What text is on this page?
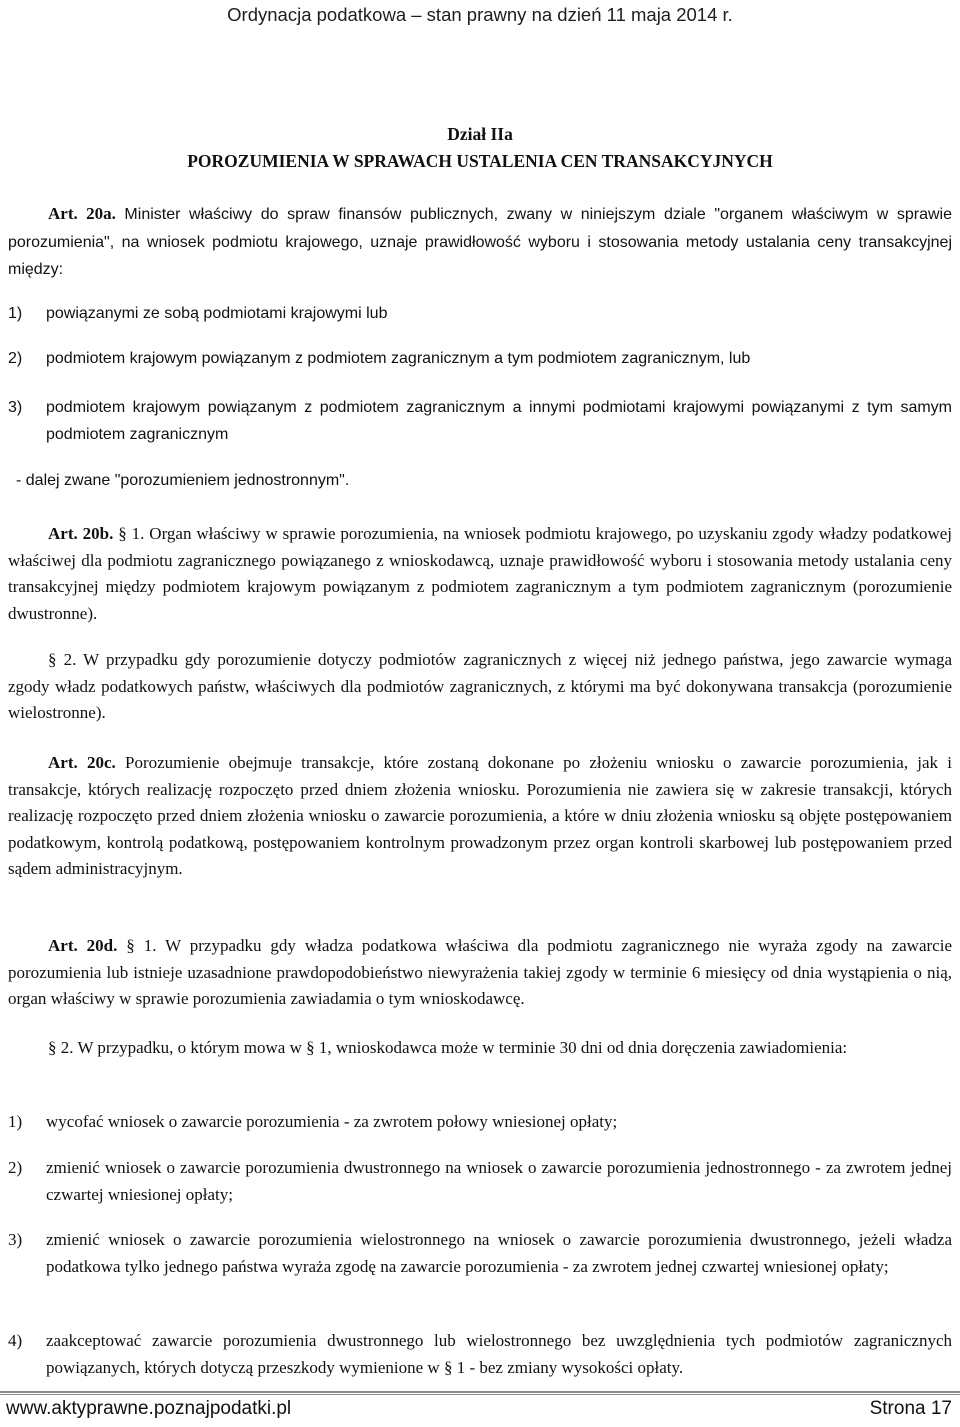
Ordynacja podatkowa – stan prawny na dzień 11 maja 2014 r.
Dział IIa
POROZUMIENIA W SPRAWACH USTALENIA CEN TRANSAKCYJNYCH
Art. 20a. Minister właściwy do spraw finansów publicznych, zwany w niniejszym dziale "organem właściwym w sprawie porozumienia", na wniosek podmiotu krajowego, uznaje prawidłowość wyboru i stosowania metody ustalania ceny transakcyjnej między:
1)	powiązanymi ze sobą podmiotami krajowymi lub
2)	podmiotem krajowym powiązanym z podmiotem zagranicznym a tym podmiotem zagranicznym, lub
3)	podmiotem krajowym powiązanym z podmiotem zagranicznym a innymi podmiotami krajowymi powiązanymi z tym samym podmiotem zagranicznym
- dalej zwane "porozumieniem jednostronnym".
Art. 20b. § 1. Organ właściwy w sprawie porozumienia, na wniosek podmiotu krajowego, po uzyskaniu zgody władzy podatkowej właściwej dla podmiotu zagranicznego powiązanego z wnioskodawcą, uznaje prawidłowość wyboru i stosowania metody ustalania ceny transakcyjnej między podmiotem krajowym powiązanym z podmiotem zagranicznym a tym podmiotem zagranicznym (porozumienie dwustronne).
§ 2. W przypadku gdy porozumienie dotyczy podmiotów zagranicznych z więcej niż jednego państwa, jego zawarcie wymaga zgody władz podatkowych państw, właściwych dla podmiotów zagranicznych, z którymi ma być dokonywana transakcja (porozumienie wielostronne).
Art. 20c. Porozumienie obejmuje transakcje, które zostaną dokonane po złożeniu wniosku o zawarcie porozumienia, jak i transakcje, których realizację rozpoczęto przed dniem złożenia wniosku. Porozumienia nie zawiera się w zakresie transakcji, których realizację rozpoczęto przed dniem złożenia wniosku o zawarcie porozumienia, a które w dniu złożenia wniosku są objęte postępowaniem podatkowym, kontrolą podatkową, postępowaniem kontrolnym prowadzonym przez organ kontroli skarbowej lub postępowaniem przed sądem administracyjnym.
Art. 20d. § 1. W przypadku gdy władza podatkowa właściwa dla podmiotu zagranicznego nie wyraża zgody na zawarcie porozumienia lub istnieje uzasadnione prawdopodobieństwo niewyrażenia takiej zgody w terminie 6 miesięcy od dnia wystąpienia o nią, organ właściwy w sprawie porozumienia zawiadamia o tym wnioskodawcę.
§ 2. W przypadku, o którym mowa w § 1, wnioskodawca może w terminie 30 dni od dnia doręczenia zawiadomienia:
1)	wycofać wniosek o zawarcie porozumienia - za zwrotem połowy wniesionej opłaty;
2)	zmienić wniosek o zawarcie porozumienia dwustronnego na wniosek o zawarcie porozumienia jednostronnego - za zwrotem jednej czwartej wniesionej opłaty;
3)	zmienić wniosek o zawarcie porozumienia wielostronnego na wniosek o zawarcie porozumienia dwustronnego, jeżeli władza podatkowa tylko jednego państwa wyraża zgodę na zawarcie porozumienia - za zwrotem jednej czwartej wniesionej opłaty;
4)	zaakceptować zawarcie porozumienia dwustronnego lub wielostronnego bez uwzględnienia tych podmiotów zagranicznych powiązanych, których dotyczą przeszkody wymienione w § 1 - bez zmiany wysokości opłaty.
www.aktyprawne.poznajpodatki.pl	Strona 17
